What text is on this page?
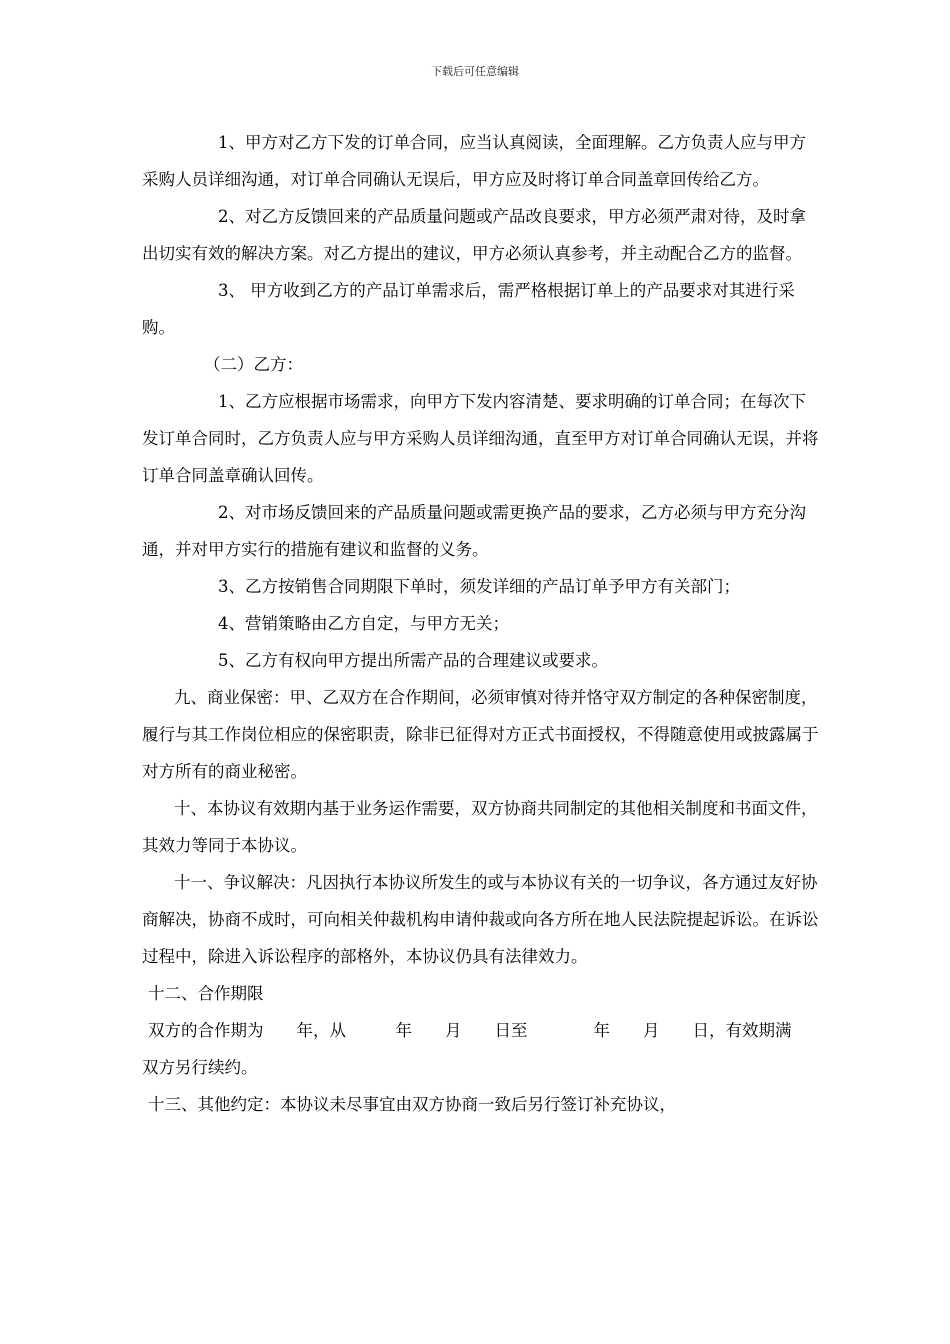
下载后可任意编辑

1、甲方对乙方下发的订单合同，应当认真阅读，全面理解。乙方负责人应与甲方采购人员详细沟通，对订单合同确认无误后，甲方应及时将订单合同盖章回传给乙方。

2、对乙方反馈回来的产品质量问题或产品改良要求，甲方必须严肃对待，及时拿出切实有效的解决方案。对乙方提出的建议，甲方必须认真参考，并主动配合乙方的监督。

3、 甲方收到乙方的产品订单需求后，需严格根据订单上的产品要求对其进行采购。

（二）乙方：

1、乙方应根据市场需求，向甲方下发内容清楚、要求明确的订单合同；在每次下发订单合同时，乙方负责人应与甲方采购人员详细沟通，直至甲方对订单合同确认无误，并将订单合同盖章确认回传。

2、对市场反馈回来的产品质量问题或需更换产品的要求，乙方必须与甲方充分沟通，并对甲方实行的措施有建议和监督的义务。

3、乙方按销售合同期限下单时，须发详细的产品订单予甲方有关部门；

4、营销策略由乙方自定，与甲方无关；

5、乙方有权向甲方提出所需产品的合理建议或要求。

九、商业保密：甲、乙双方在合作期间，必须审慎对待并恪守双方制定的各种保密制度，履行与其工作岗位相应的保密职责，除非已征得对方正式书面授权，不得随意使用或披露属于对方所有的商业秘密。

十、本协议有效期内基于业务运作需要，双方协商共同制定的其他相关制度和书面文件，其效力等同于本协议。

十一、争议解决：凡因执行本协议所发生的或与本协议有关的一切争议，各方通过友好协商解决，协商不成时，可向相关仲裁机构申请仲裁或向各方所在地人民法院提起诉讼。在诉讼过程中，除进入诉讼程序的部格外，本协议仍具有法律效力。

十二、合作期限

双方的合作期为　　年，从　　　年　　月　　日至　　　　年　　月　　日，有效期满

双方另行续约。

十三、其他约定：本协议未尽事宜由双方协商一致后另行签订补充协议，
